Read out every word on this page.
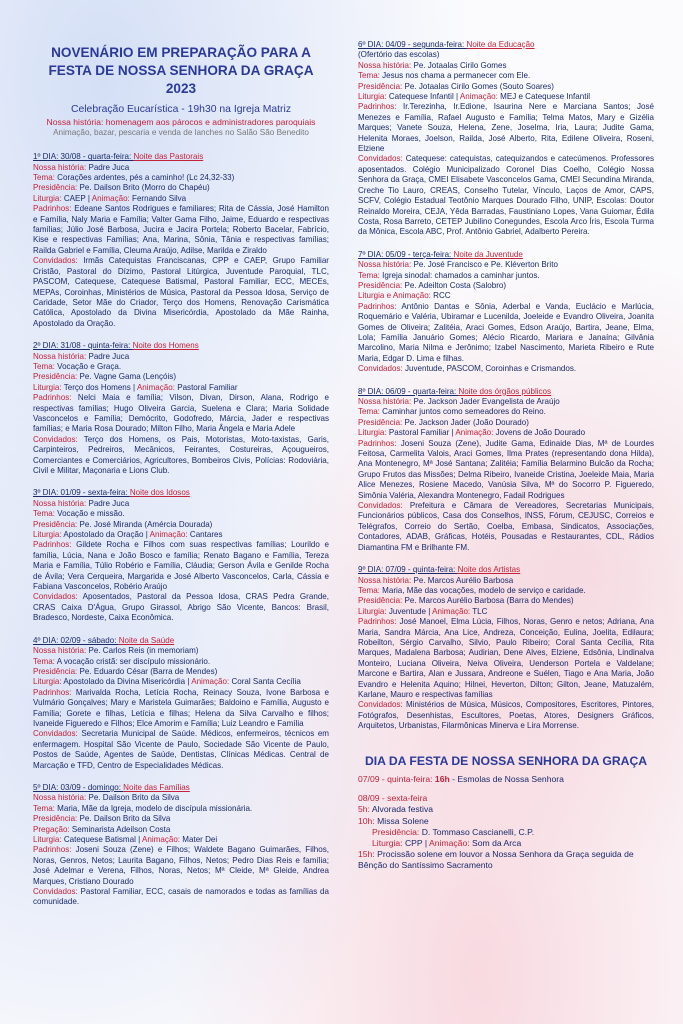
NOVENÁRIO EM PREPARAÇÃO PARA A
FESTA DE NOSSA SENHORA DA GRAÇA 2023
Celebração Eucarística - 19h30 na Igreja Matriz
Nossa história: homenagem aos párocos e administradores paroquiais
Animação, bazar, pescaria e venda de lanches no Salão São Benedito
1º DIA: 30/08 - quarta-feira: Noite das Pastorais
Nossa história: Padre Juca
Tema: Corações ardentes, pés a caminho! (Lc 24,32-33)
Presidência: Pe. Dailson Brito (Morro do Chapéu)
Liturgia: CAEP | Animação: Fernando Silva
Padrinhos: Edeane Santos Rodrigues e familiares; Rita de Cássia, José Hamilton e Família, Naly Maria e Família; Valter Gama Filho, Jaime, Eduardo e respectivas famílias; Júlio José Barbosa, Jucira e Jacira Portela; Roberto Bacelar, Fabrício, Kise e respectivas Famílias; Ana, Marina, Sônia, Tânia e respectivas famílias; Railda Gabriel e Família, Cleuma Araújo, Adilse, Marilda e Ziraldo
Convidados: Irmãs Catequistas Franciscanas, CPP e CAEP, Grupo Familiar Cristão, Pastoral do Dízimo, Pastoral Litúrgica, Juventude Paroquial, TLC, PASCOM, Catequese, Catequese Batismal, Pastoral Familiar, ECC, MECEs, MEPAs, Coroinhas, Ministérios de Música, Pastoral da Pessoa Idosa, Serviço de Caridade, Setor Mãe do Criador, Terço dos Homens, Renovação Carismática Católica, Apostolado da Divina Misericórdia, Apostolado da Mãe Rainha, Apostolado da Oração.
2º DIA: 31/08 - quinta-feira: Noite dos Homens
Nossa história: Padre Juca
Tema: Vocação e Graça.
Presidência: Pe. Vagne Gama (Lençóis)
Liturgia: Terço dos Homens | Animação: Pastoral Familiar
Padrinhos: Nelci Maia e família; Vilson, Divan, Dirson, Alana, Rodrigo e respectivas famílias; Hugo Oliveira Garcia, Suelena e Clara; Maria Solidade Vasconcelos e Família; Demócrito, Godofredo, Márcia, Jader e respectivas famílias; e Maria Rosa Dourado; Milton Filho, Maria Ângela e Maria Adele
Convidados: Terço dos Homens, os Pais, Motoristas, Moto-taxistas, Garis, Carpinteiros, Pedreiros, Mecânicos, Feirantes, Costureiras, Açougueiros, Comerciantes e Comerciários, Agricultores, Bombeiros Civis, Polícias: Rodoviária, Civil e Militar, Maçonaria e Lions Club.
3º DIA: 01/09 - sexta-feira: Noite dos Idosos
Nossa história: Padre Juca
Tema: Vocação e missão.
Presidência: Pe. José Miranda (Amércia Dourada)
Liturgia: Apostolado da Oração | Animação: Cantares
Padrinhos: Gildete Rocha e Filhos com suas respectivas famílias; Lourildo e família, Lúcia, Nana e João Bosco e família; Renato Bagano e Família, Tereza Maria e Família, Túlio Robério e Família, Cláudia; Gerson Ávila e Genilde Rocha de Ávila; Vera Cerqueira, Margarida e José Alberto Vasconcelos, Carla, Cássia e Fabiana Vasconcelos, Robério Araújo
Convidados: Aposentados, Pastoral da Pessoa Idosa, CRAS Pedra Grande, CRAS Caixa D'Água, Grupo Girassol, Abrigo São Vicente, Bancos: Brasil, Bradesco, Nordeste, Caixa Econômica.
4º DIA: 02/09 - sábado: Noite da Saúde
Nossa história: Pe. Carlos Reis (in memoriam)
Tema: A vocação cristã: ser discípulo missionário.
Presidência: Pe. Eduardo César (Barra de Mendes)
Liturgia: Apostolado da Divina Misericórdia | Animação: Coral Santa Cecília
Padrinhos: Marivalda Rocha, Letícia Rocha, Reinacy Souza, Ivone Barbosa e Vulmário Gonçalves; Mary e Maristela Guimarães; Baldoino e Família, Augusto e Família; Gorete e filhas, Letícia e filhas; Helena da Silva Carvalho e filhos; Ivaneide Figueredo e Filhos; Elce Amorim e Família; Luiz Leandro e Família
Convidados: Secretaria Municipal de Saúde. Médicos, enfermeiros, técnicos em enfermagem. Hospital São Vicente de Paulo, Sociedade São Vicente de Paulo, Postos de Saúde, Agentes de Saúde, Dentistas, Clínicas Médicas. Central de Marcação e TFD, Centro de Especialidades Médicas.
5º DIA: 03/09 - domingo: Noite das Famílias
Nossa história: Pe. Dailson Brito da Silva
Tema: Maria, Mãe da Igreja, modelo de discípula missionária.
Presidência: Pe. Dailson Brito da Silva
Pregação: Seminarista Adeilson Costa
Liturgia: Catequese Batismal | Animação: Mater Dei
Padrinhos: Joseni Souza (Zene) e Filhos; Waldete Bagano Guimarães, Filhos, Noras, Genros, Netos; Laurita Bagano, Filhos, Netos; Pedro Dias Reis e família; José Adelmar e Verena, Filhos, Noras, Netos; Mª Cleide, Mª Gleide, Andrea Marques, Cristiano Dourado
Convidados: Pastoral Familiar, ECC, casais de namorados e todas as famílias da comunidade.
6º DIA: 04/09 - segunda-feira: Noite da Educação
(Ofertório das escolas)
Nossa história: Pe. Jotaalas Cirilo Gomes
Tema: Jesus nos chama a permanecer com Ele.
Presidência: Pe. Jotaalas Cirilo Gomes (Souto Soares)
Liturgia: Catequese Infantil | Animação: MEJ e Catequese Infantil
Padrinhos: Ir.Terezinha, Ir.Edione, Isaurina Nere e Marciana Santos; José Menezes e Família, Rafael Augusto e Família; Telma Matos, Mary e Gizélia Marques; Vanete Souza, Helena, Zene, Joselma, Iria, Laura; Judite Gama, Helenita Moraes, Joelson, Railda, José Alberto, Rita, Edilene Oliveira, Roseni, Elziene
Convidados: Catequese: catequistas, catequizandos e catecúmenos. Professores aposentados. Colégio Municipalizado Coronel Dias Coelho, Colégio Nossa Senhora da Graça, CMEI Elisabete Vasconcelos Gama, CMEI Secundina Miranda, Creche Tio Lauro, CREAS, Conselho Tutelar, Vínculo, Laços de Amor, CAPS, SCFV, Colégio Estadual Teotônio Marques Dourado Filho, UNIP, Escolas: Doutor Reinaldo Moreira, CEJA, Yêda Barradas, Faustiniano Lopes, Vana Guiomar, Édila Costa, Rosa Barreto, CETEP Jubilino Conegundes, Escola Arco Íris, Escola Turma da Mônica, Escola ABC, Prof. Antônio Gabriel, Adalberto Pereira.
7º DIA: 05/09 - terça-feira: Noite da Juventude
Nossa história: Pe. José Francisco e Pe. Kléverton Brito
Tema: Igreja sinodal: chamados a caminhar juntos.
Presidência: Pe. Adeilton Costa (Salobro)
Liturgia e Animação: RCC
Padrinhos: Antônio Dantas e Sônia, Aderbal e Vanda, Euclácio e Marlúcia, Roquemário e Valéria, Ubiramar e Lucenilda, Joeleide e Evandro Oliveira, Joanita Gomes de Oliveira; Zalitéia, Araci Gomes, Edson Araújo, Bartira, Jeane, Elma, Lola; Família Januário Gomes; Alécio Ricardo, Mariara e Janaína; Gilvânia Marcolino, Maria Nilma e Jerônimo; Izabel Nascimento, Marieta Ribeiro e Rute Maria, Edgar D. Lima e filhas.
Convidados: Juventude, PASCOM, Coroinhas e Crismandos.
8º DIA: 06/09 - quarta-feira: Noite dos órgãos públicos
Nossa história: Pe. Jackson Jader Evangelista de Araújo
Tema: Caminhar juntos como semeadores do Reino.
Presidência: Pe. Jackson Jader (João Dourado)
Liturgia: Pastoral Familiar | Animação: Jovens de João Dourado
Padrinhos: Joseni Souza (Zene), Judite Gama, Edinaide Dias, Mª de Lourdes Feitosa, Carmelita Valois, Araci Gomes, Ilma Prates (representando dona Hilda), Ana Montenegro, Mª José Santana; Zalitéia; Família Belarmino Bulcão da Rocha; Grupo Frutos das Missões; Delma Ribeiro, Ivaneide Cristina, Joeleide Maia, Maria Alice Menezes, Rosiene Macedo, Vanúsia Silva, Mª do Socorro P. Figueredo, Simônia Valéria, Alexandra Montenegro, Fadail Rodrigues
Convidados: Prefeitura e Câmara de Vereadores, Secretarias Municipais, Funcionários públicos, Casa dos Conselhos, INSS, Fórum, CEJUSC, Correios e Telégrafos, Correio do Sertão, Coelba, Embasa, Sindicatos, Associações, Contadores, ADAB, Gráficas, Hotéis, Pousadas e Restaurantes, CDL, Rádios Diamantina FM e Brilhante FM.
9º DIA: 07/09 - quinta-feira: Noite dos Artistas
Nossa história: Pe. Marcos Aurélio Barbosa
Tema: Maria, Mãe das vocações, modelo de serviço e caridade.
Presidência: Pe. Marcos Aurélio Barbosa (Barra do Mendes)
Liturgia: Juventude | Animação: TLC
Padrinhos: José Manoel, Elma Lúcia, Filhos, Noras, Genro e netos; Adriana, Ana Maria, Sandra Márcia, Ana Lice, Andreza, Conceição, Eulina, Joelita, Edilaura; Robeilton, Sérgio Carvalho, Silvio, Paulo Ribeiro; Coral Santa Cecília, Rita Marques, Madalena Barbosa; Audirian, Dene Alves, Elziene, Edsônia, Lindinalva Monteiro, Luciana Oliveira, Neiva Oliveira, Uenderson Portela e Valdelane; Marcone e Bartira, Alan e Jussara, Andreone e Suélen, Tiago e Ana Maria, João Evandro e Helenita Aquino; Hilnei, Heverton, Dilton; Gilton, Jeane, Matuzalém, Karlane, Mauro e respectivas famílias
Convidados: Ministérios de Música, Músicos, Compositores, Escritores, Pintores, Fotógrafos, Desenhistas, Escultores, Poetas, Atores, Designers Gráficos, Arquitetos, Urbanistas, Filarmônicas Minerva e Lira Morrense.
DIA DA FESTA DE NOSSA SENHORA DA GRAÇA
07/09 - quinta-feira: 16h - Esmolas de Nossa Senhora
08/09 - sexta-feira
5h: Alvorada festiva
10h: Missa Solene
Presidência: D. Tommaso Cascianelli, C.P.
Liturgia: CPP | Animação: Som da Arca
15h: Procissão solene em louvor a Nossa Senhora da Graça seguida de Bênção do Santíssimo Sacramento
